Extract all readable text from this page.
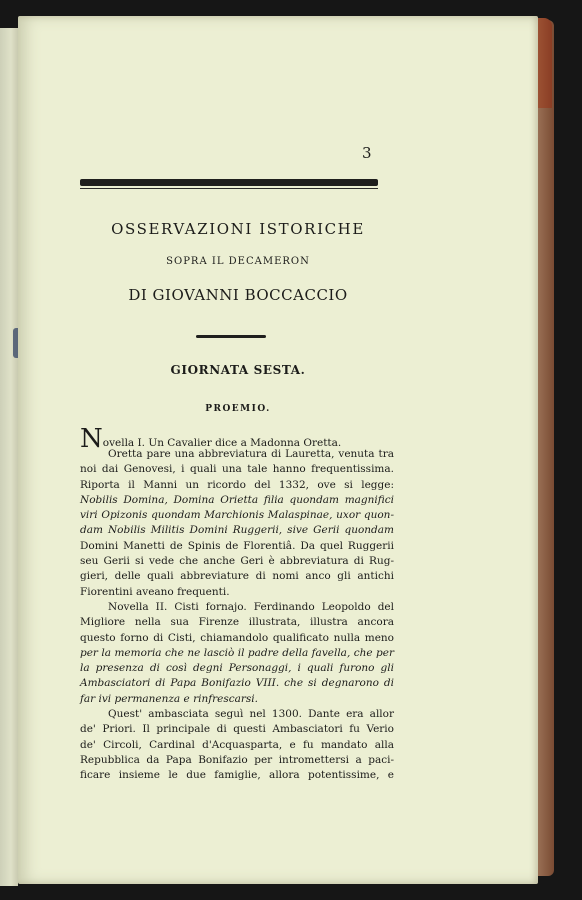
3
OSSERVAZIONI ISTORICHE
SOPRA IL DECAMERON
DI GIOVANNI BOCCACCIO
GIORNATA SESTA.
PROEMIO.
Novella I. Un Cavalier dice a Madonna Oretta.
Oretta pare una abbreviatura di Lauretta, venuta tra
noi dai Genovesi, i quali una tale hanno frequentissima.
Riporta il Manni un ricordo del 1332, ove si legge:
Nobilis Domina, Domina Orietta filia quondam magnifici
viri Opizonis quondam Marchionis Malaspinae, uxor quon-
dam Nobilis Militis Domini Ruggerii, sive Gerii quondam
Domini Manetti de Spinis de Florentiâ. Da quel Ruggerii
seu Gerii si vede che anche Geri è abbreviatura di Rug-
gieri, delle quali abbreviature di nomi anco gli antichi
Fiorentini aveano frequenti.
Novella II. Cisti fornajo. Ferdinando Leopoldo del
Migliore nella sua Firenze illustrata, illustra ancora
questo forno di Cisti, chiamandolo qualificato nulla meno
per la memoria che ne lasciò il padre della favella, che per
la presenza di così degni Personaggi, i quali furono gli
Ambasciatori di Papa Bonifazio VIII. che si degnarono di
far ivi permanenza e rinfrescarsi.
Quest' ambasciata seguì nel 1300. Dante era allor
de' Priori. Il principale di questi Ambasciatori fu Verio
de' Circoli, Cardinal d'Acquasparta, e fu mandato alla
Repubblica da Papa Bonifazio per intromettersi a paci-
ficare insieme le due famiglie, allora potentissime, e
